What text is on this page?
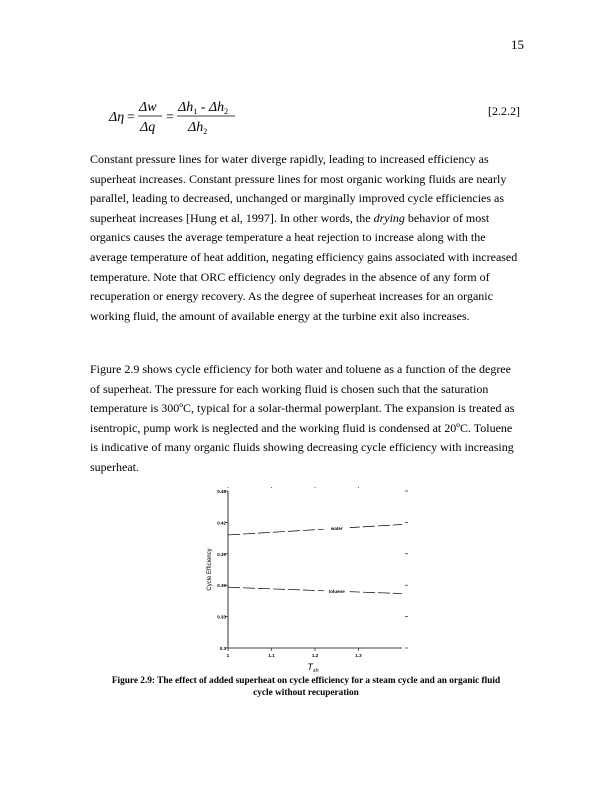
15
Δη =
Δw
Δq
=
$\Delta h_1 - \Delta h_2$
$\Delta h_2$
[2.2.2]

Constant pressure lines for water diverge rapidly, leading to increased efficiency as
superheat increases. Constant pressure lines for most organic working fluids are nearly
parallel, leading to decreased, unchanged or marginally improved cycle efficiencies as
superheat increases [Hung et al, 1997]. In other words, the drying behavior of most
organics causes the average temperature a heat rejection to increase along with the
average temperature of heat addition, negating efficiency gains associated with increased
temperature. Note that ORC efficiency only degrades in the absence of any form of
recuperation or energy recovery. As the degree of superheat increases for an organic
working fluid, the amount of available energy at the turbine exit also increases.

Figure 2.9 shows cycle efficiency for both water and toluene as a function of the degree
of superheat. The pressure for each working fluid is chosen such that the saturation
temperature is 300ºC, typical for a solar-thermal powerplant. The expansion is treated as
isentropic, pump work is neglected and the working fluid is condensed at 20ºC. Toluene
is indicative of many organic fluids showing decreasing cycle efficiency with increasing
superheat.

0.3
0.33
0.36
0.39
0.42
0.45
1	1.1	1.2	1.3
Cycle Efficiency
$T_{sh}$
water
toluene
Figure 2.9: The effect of added superheat on cycle efficiency for a steam cycle and an organic fluid
cycle without recuperation
